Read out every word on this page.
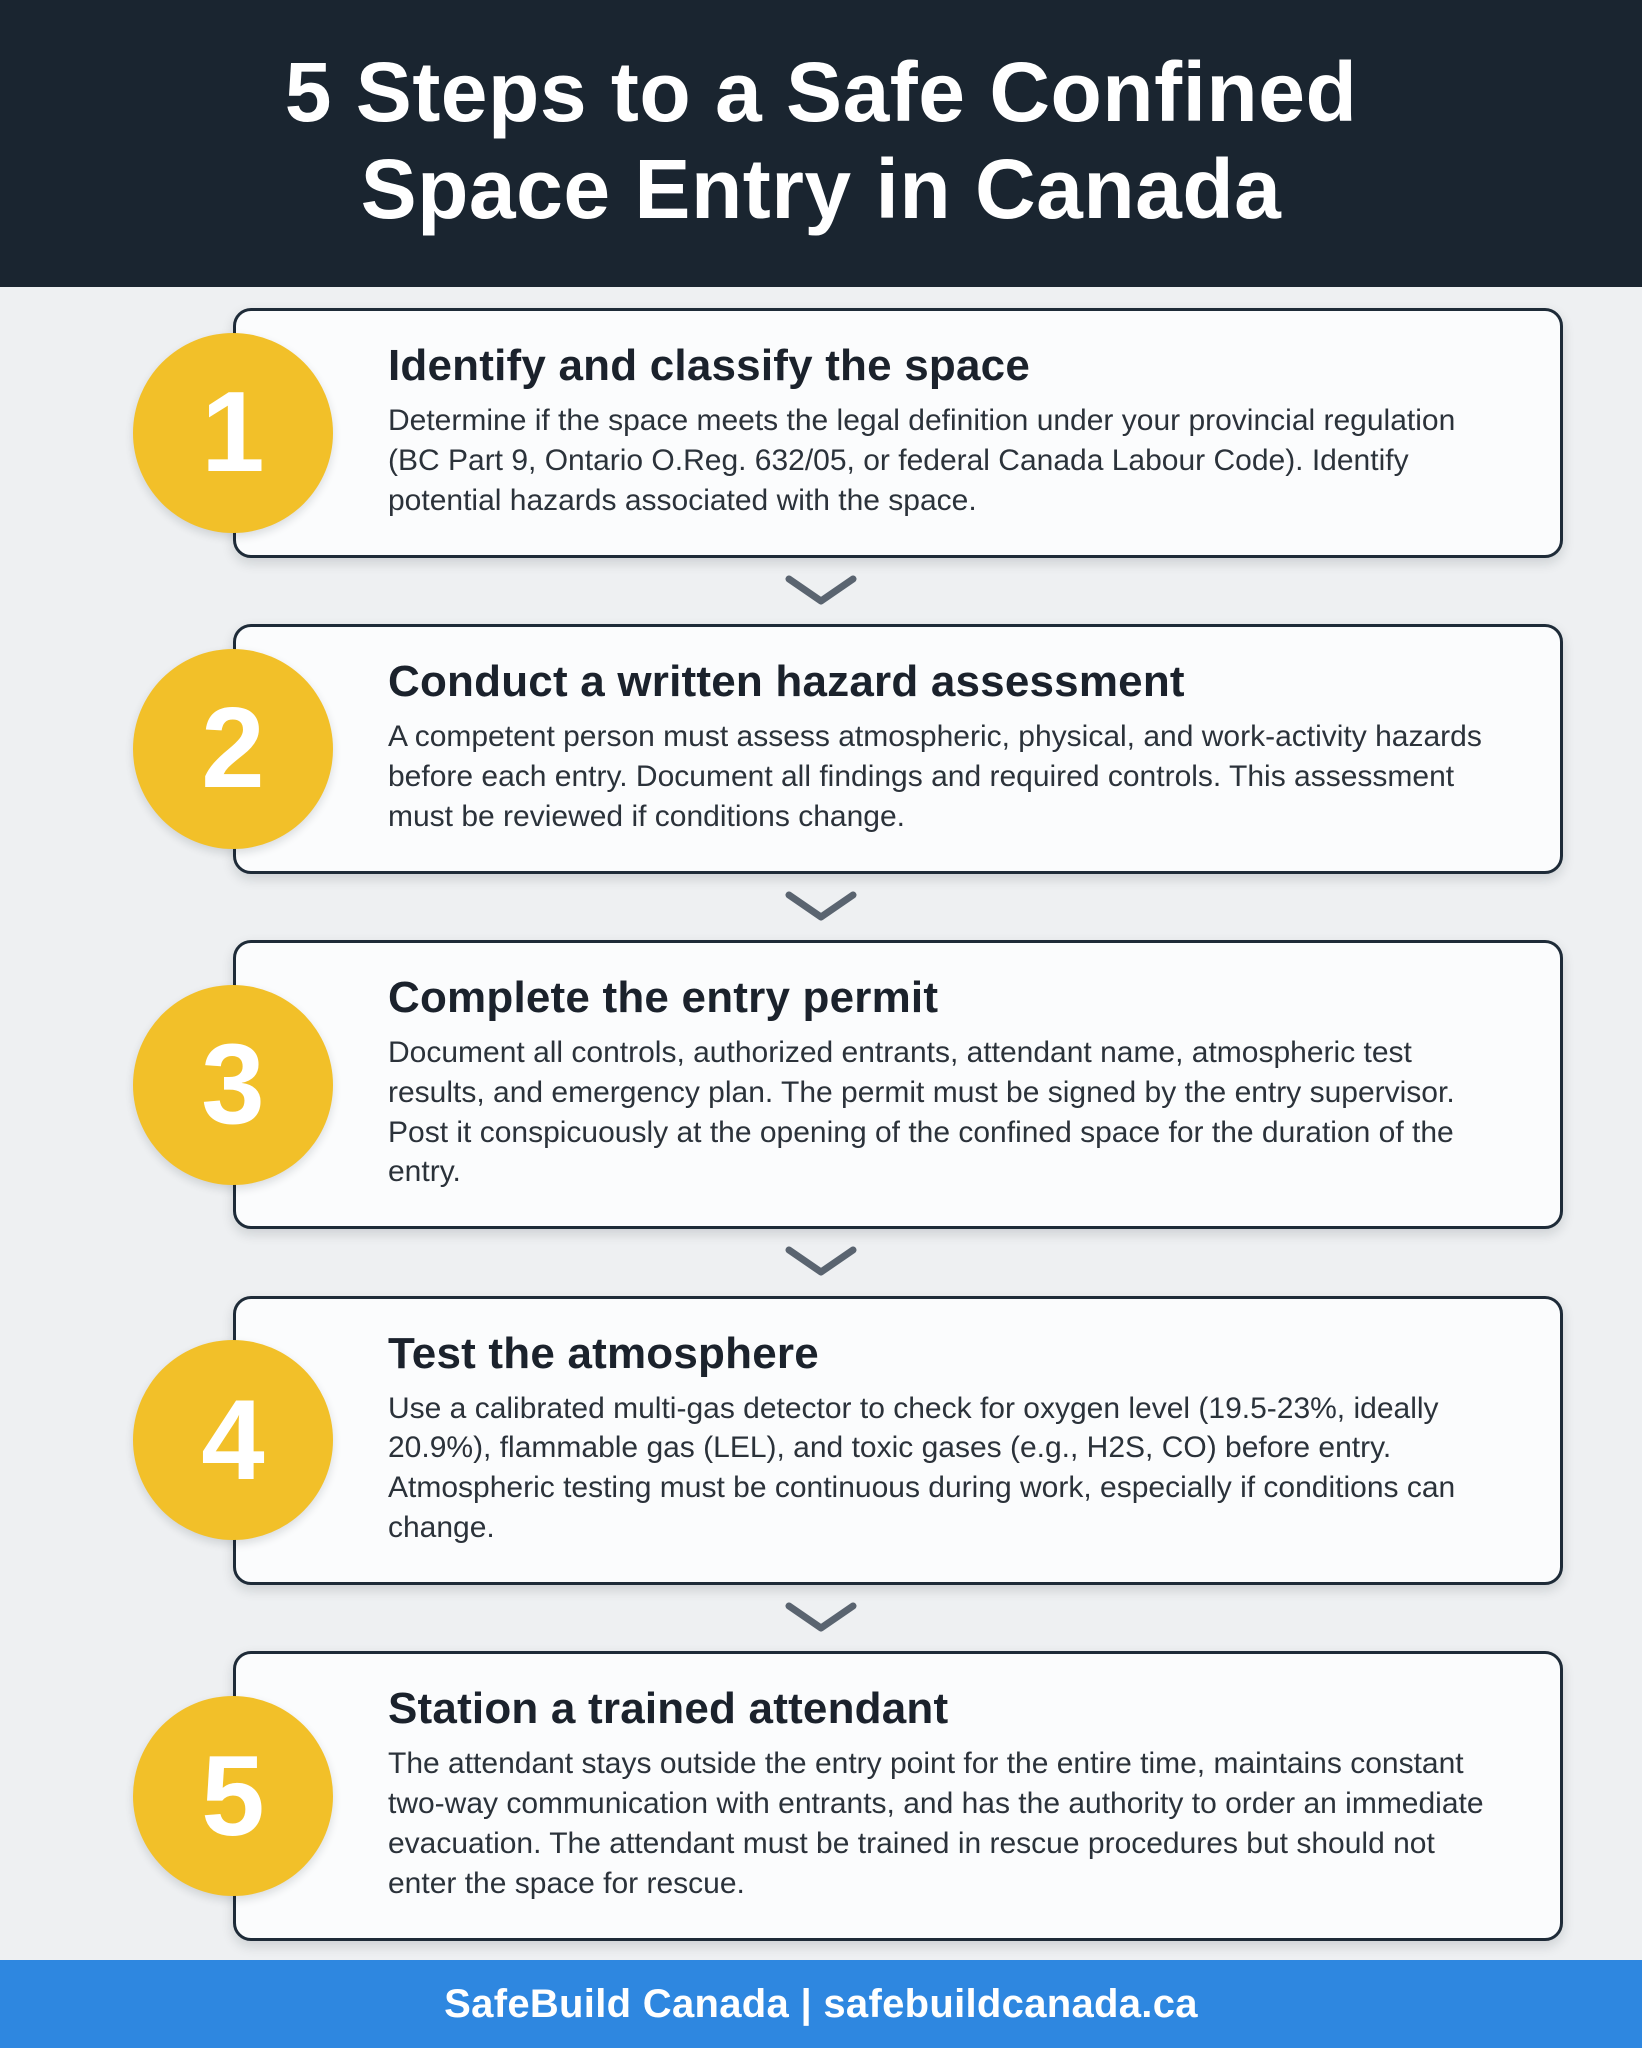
5 Steps to a Safe Confined Space Entry in Canada
1
Identify and classify the space

Determine if the space meets the legal definition under your provincial regulation (BC Part 9, Ontario O.Reg. 632/05, or federal Canada Labour Code). Identify potential hazards associated with the space.

2
Conduct a written hazard assessment

A competent person must assess atmospheric, physical, and work-activity hazards before each entry. Document all findings and required controls. This assessment must be reviewed if conditions change.

3
Complete the entry permit

Document all controls, authorized entrants, attendant name, atmospheric test results, and emergency plan. The permit must be signed by the entry supervisor. Post it conspicuously at the opening of the confined space for the duration of the entry.

4
Test the atmosphere

Use a calibrated multi-gas detector to check for oxygen level (19.5-23%, ideally 20.9%), flammable gas (LEL), and toxic gases (e.g., H2S, CO) before entry. Atmospheric testing must be continuous during work, especially if conditions can change.

5
Station a trained attendant

The attendant stays outside the entry point for the entire time, maintains constant two-way communication with entrants, and has the authority to order an immediate evacuation. The attendant must be trained in rescue procedures but should not enter the space for rescue.

SafeBuild Canada | safebuildcanada.ca
